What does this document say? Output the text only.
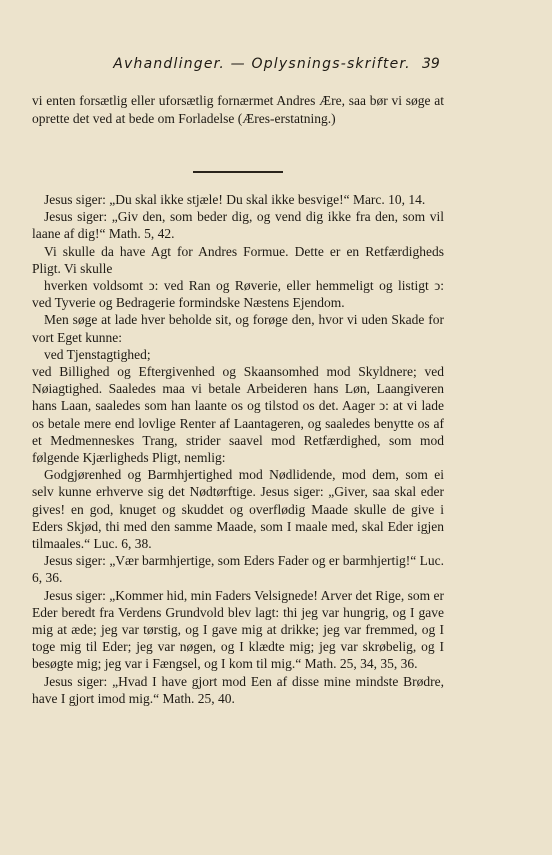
Avhandlinger. — Oplysnings-skrifter. 39
vi enten forsætlig eller uforsætlig fornærmet Andres Ære, saa bør vi søge at oprette det ved at bede om Forladelse (Æres-erstatning.)

Jesus siger: „Du skal ikke stjæle! Du skal ikke besvige!“ Marc. 10, 14.

Jesus siger: „Giv den, som beder dig, og vend dig ikke fra den, som vil laane af dig!“ Math. 5, 42.

Vi skulle da have Agt for Andres Formue. Dette er en Retfærdigheds Pligt. Vi skulle

hverken voldsomt ↄ: ved Ran og Røverie, eller hemmeligt og listigt ↄ: ved Tyverie og Bedragerie formindske Næstens Ejendom.

Men søge at lade hver beholde sit, og forøge den, hvor vi uden Skade for vort Eget kunne:

ved Tjenstagtighed;

ved Billighed og Eftergivenhed og Skaansomhed mod Skyldnere; ved Nøiagtighed. Saaledes maa vi betale Arbeideren hans Løn, Laangiveren hans Laan, saaledes som han laante os og tilstod os det. Aager ↄ: at vi lade os betale mere end lovlige Renter af Laantageren, og saaledes benytte os af et Medmenneskes Trang, strider saavel mod Retfærdighed, som mod følgende Kjærligheds Pligt, nemlig:

Godgjørenhed og Barmhjertighed mod Nødlidende, mod dem, som ei selv kunne erhverve sig det Nødtørftige. Jesus siger: „Giver, saa skal eder gives! en god, knuget og skuddet og overflødig Maade skulle de give i Eders Skjød, thi med den samme Maade, som I maale med, skal Eder igjen tilmaales.“ Luc. 6, 38.

Jesus siger: „Vær barmhjertige, som Eders Fader og er barmhjertig!“ Luc. 6, 36.

Jesus siger: „Kommer hid, min Faders Velsignede! Arver det Rige, som er Eder beredt fra Verdens Grundvold blev lagt: thi jeg var hungrig, og I gave mig at æde; jeg var tørstig, og I gave mig at drikke; jeg var fremmed, og I toge mig til Eder; jeg var nøgen, og I klædte mig; jeg var skrøbelig, og I besøgte mig; jeg var i Fængsel, og I kom til mig.“ Math. 25, 34, 35, 36.

Jesus siger: „Hvad I have gjort mod Een af disse mine mindste Brødre, have I gjort imod mig.“ Math. 25, 40.
